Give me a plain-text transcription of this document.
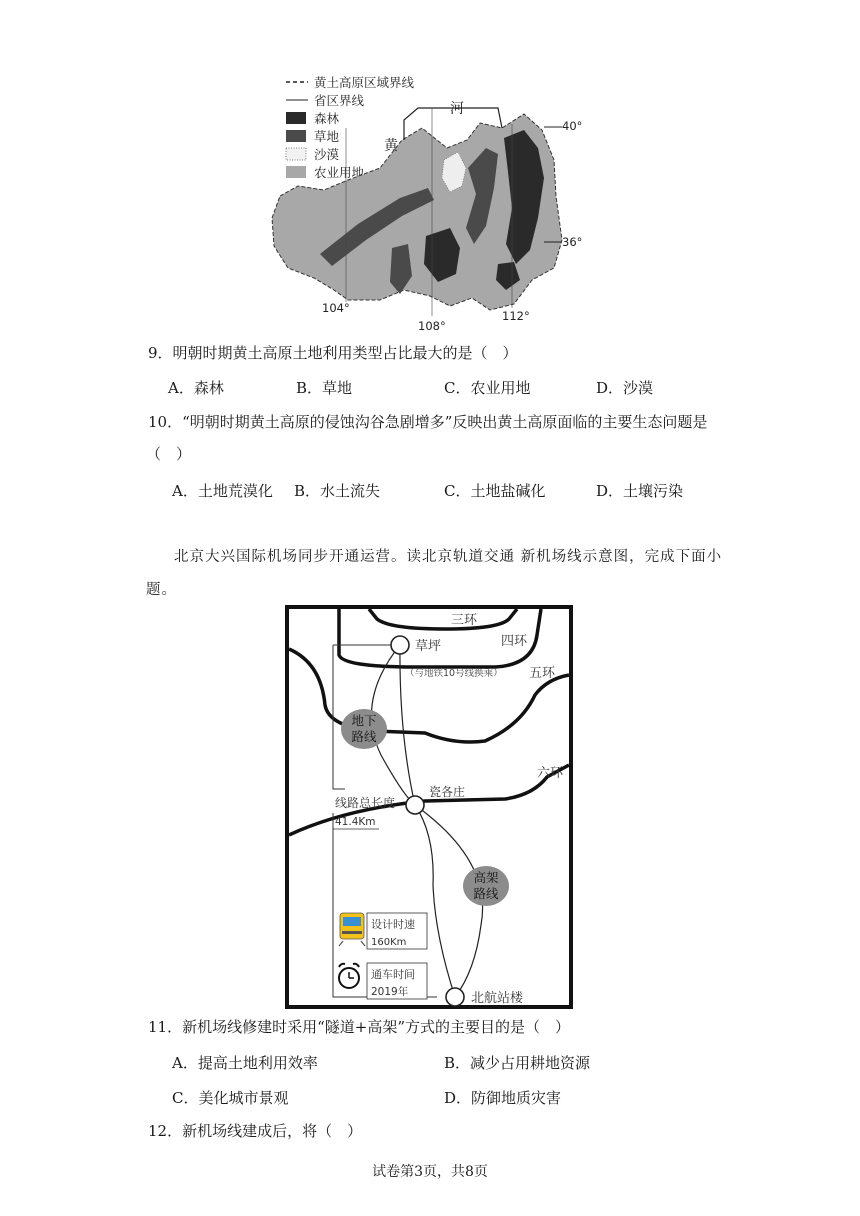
黄土高原区域界线
省区界线
森林
草地
沙漠
农业用地
河
黄
40°
36°
104°
108°
112°
9．明朝时期黄土高原土地利用类型占比最大的是（　）
A．森林	B．草地	C．农业用地	D．沙漠
10．“明朝时期黄土高原的侵蚀沟谷急剧增多”反映出黄土高原面临的主要生态问题是
（　）
A．土地荒漠化 B．水土流失	C．土地盐碱化	D．土壤污染
北京大兴国际机场同步开通运营。读北京轨道交通 新机场线示意图，完成下面小
题。
地下
路线
高架
路线
三环
四环
五环
六环
草坪
（与地铁10号线换乘）
瓷各庄
北航站楼
线路总长度
41.4Km
设计时速
160Km
通车时间
2019年
11．新机场线修建时采用“隧道+高架”方式的主要目的是（　）
A．提高土地利用效率	B．减少占用耕地资源
C．美化城市景观	D．防御地质灾害
12．新机场线建成后，将（　）
试卷第3页，共8页
